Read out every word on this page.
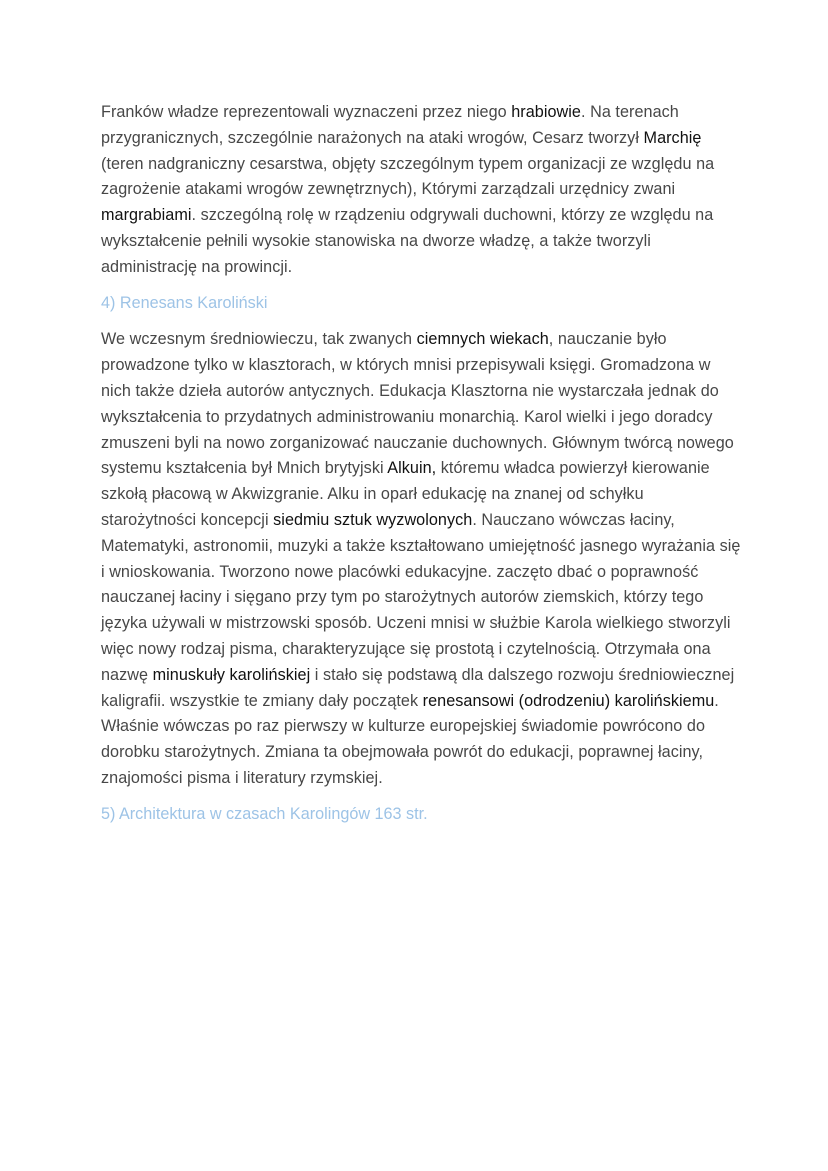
Franków władze reprezentowali wyznaczeni przez niego hrabiowie. Na terenach przygranicznych, szczególnie narażonych na ataki wrogów, Cesarz tworzył Marchię (teren nadgraniczny cesarstwa, objęty szczególnym typem organizacji ze względu na zagrożenie atakami wrogów zewnętrznych), Którymi zarządzali urzędnicy zwani margrabiami. szczególną rolę w rządzeniu odgrywali duchowni, którzy ze względu na wykształcenie pełnili wysokie stanowiska na dworze władzę, a także tworzyli administrację na prowincji.

4) Renesans Karoliński

We wczesnym średniowieczu, tak zwanych ciemnych wiekach, nauczanie było prowadzone tylko w klasztorach, w których mnisi przepisywali księgi. Gromadzona w nich także dzieła autorów antycznych. Edukacja Klasztorna nie wystarczała jednak do wykształcenia to przydatnych administrowaniu monarchią. Karol wielki i jego doradcy zmuszeni byli na nowo zorganizować nauczanie duchownych. Głównym twórcą nowego systemu kształcenia był Mnich brytyjski Alkuin, któremu władca powierzył kierowanie szkołą płacową w Akwizgranie. Alku in oparł edukację na znanej od schyłku starożytności koncepcji siedmiu sztuk wyzwolonych. Nauczano wówczas łaciny, Matematyki, astronomii, muzyki a także kształtowano umiejętność jasnego wyrażania się i wnioskowania. Tworzono nowe placówki edukacyjne. zaczęto dbać o poprawność nauczanej łaciny i sięgano przy tym po starożytnych autorów ziemskich, którzy tego języka używali w mistrzowski sposób. Uczeni mnisi w służbie Karola wielkiego stworzyli więc nowy rodzaj pisma, charakteryzujące się prostotą i czytelnością. Otrzymała ona nazwę minuskuły karolińskiej i stało się podstawą dla dalszego rozwoju średniowiecznej kaligrafii. wszystkie te zmiany dały początek renesansowi (odrodzeniu) karolińskiemu. Właśnie wówczas po raz pierwszy w kulturze europejskiej świadomie powrócono do dorobku starożytnych. Zmiana ta obejmowała powrót do edukacji, poprawnej łaciny, znajomości pisma i literatury rzymskiej.

5) Architektura w czasach Karolingów 163 str.
